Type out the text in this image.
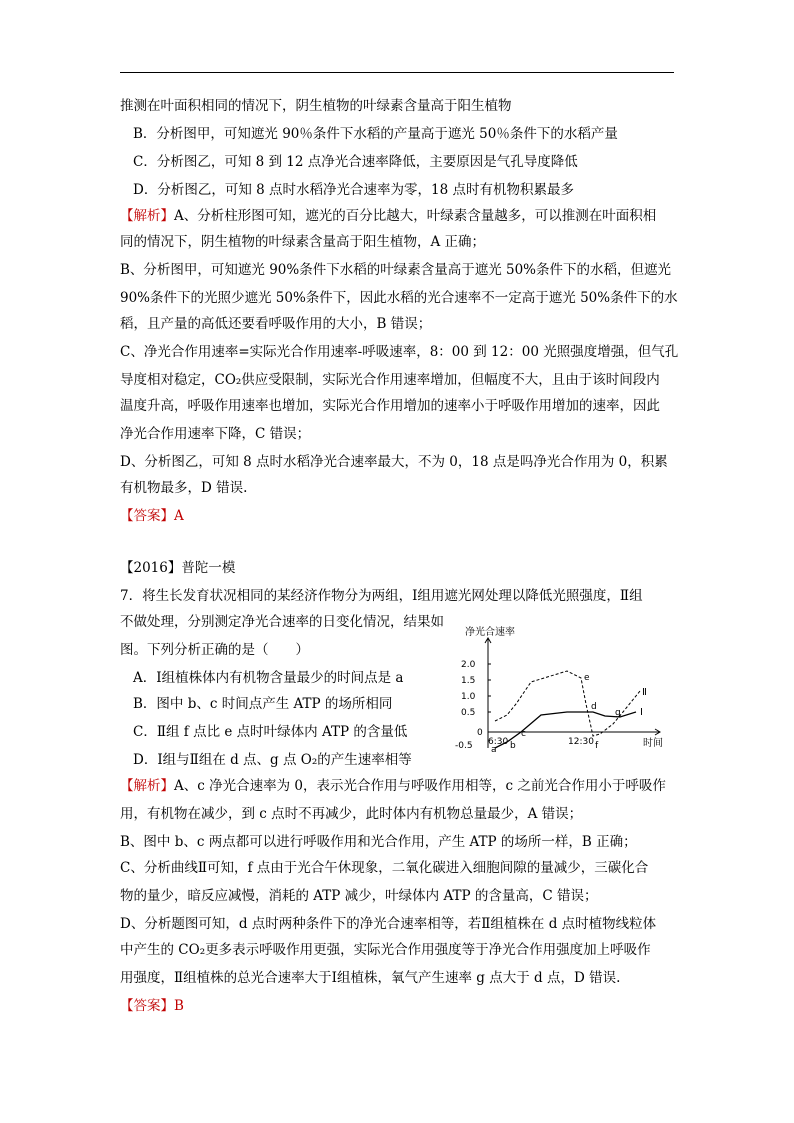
推测在叶面积相同的情况下，阴生植物的叶绿素含量高于阳生植物
B．分析图甲，可知遮光 90％条件下水稻的产量高于遮光 50％条件下的水稻产量
C．分析图乙，可知 8 到 12 点净光合速率降低，主要原因是气孔导度降低
D．分析图乙，可知 8 点时水稻净光合速率为零，18 点时有机物积累最多
【解析】A、分析柱形图可知，遮光的百分比越大，叶绿素含量越多，可以推测在叶面积相
同的情况下，阴生植物的叶绿素含量高于阳生植物，A 正确；
B、分析图甲，可知遮光 90%条件下水稻的叶绿素含量高于遮光 50%条件下的水稻，但遮光
90%条件下的光照少遮光 50%条件下，因此水稻的光合速率不一定高于遮光 50%条件下的水
稻，且产量的高低还要看呼吸作用的大小，B 错误；
C、净光合作用速率=实际光合作用速率-呼吸速率，8：00 到 12：00 光照强度增强，但气孔
导度相对稳定，CO₂供应受限制，实际光合作用速率增加，但幅度不大，且由于该时间段内
温度升高，呼吸作用速率也增加，实际光合作用增加的速率小于呼吸作用增加的速率，因此
净光合作用速率下降，C 错误；
D、分析图乙，可知 8 点时水稻净光合速率最大，不为 0，18 点是吗净光合作用为 0，积累
有机物最多，D 错误.
【答案】A
【2016】普陀一模
7．将生长发育状况相同的某经济作物分为两组，Ⅰ组用遮光网处理以降低光照强度，Ⅱ组
不做处理，分别测定净光合速率的日变化情况，结果如
图。下列分析正确的是（　　）
A．Ⅰ组植株体内有机物含量最少的时间点是 a
B．图中 b、c 时间点产生 ATP 的场所相同
C．Ⅱ组 f 点比 e 点时叶绿体内 ATP 的含量低
D．Ⅰ组与Ⅱ组在 d 点、g 点 O₂的产生速率相等
【解析】A、c 净光合速率为 0，表示光合作用与呼吸作用相等，c 之前光合作用小于呼吸作
用，有机物在减少，到 c 点时不再减少，此时体内有机物总量最少，A 错误；
B、图中 b、c 两点都可以进行呼吸作用和光合作用，产生 ATP 的场所一样，B 正确；
C、分析曲线Ⅱ可知，f 点由于光合午休现象，二氧化碳进入细胞间隙的量减少，三碳化合
物的量少，暗反应减慢，消耗的 ATP 减少，叶绿体内 ATP 的含量高，C 错误；
D、分析题图可知，d 点时两种条件下的净光合速率相等，若Ⅱ组植株在 d 点时植物线粒体
中产生的 CO₂更多表示呼吸作用更强，实际光合作用强度等于净光合作用强度加上呼吸作
用强度，Ⅱ组植株的总光合速率大于Ⅰ组植株，氧气产生速率 g 点大于 d 点，D 错误.
【答案】B
净光合速率
时间
2.0
1.5
1.0
0.5
0
-0.5 6:30	12:30
a b
c
d
e
f
g Ⅰ
Ⅱ
